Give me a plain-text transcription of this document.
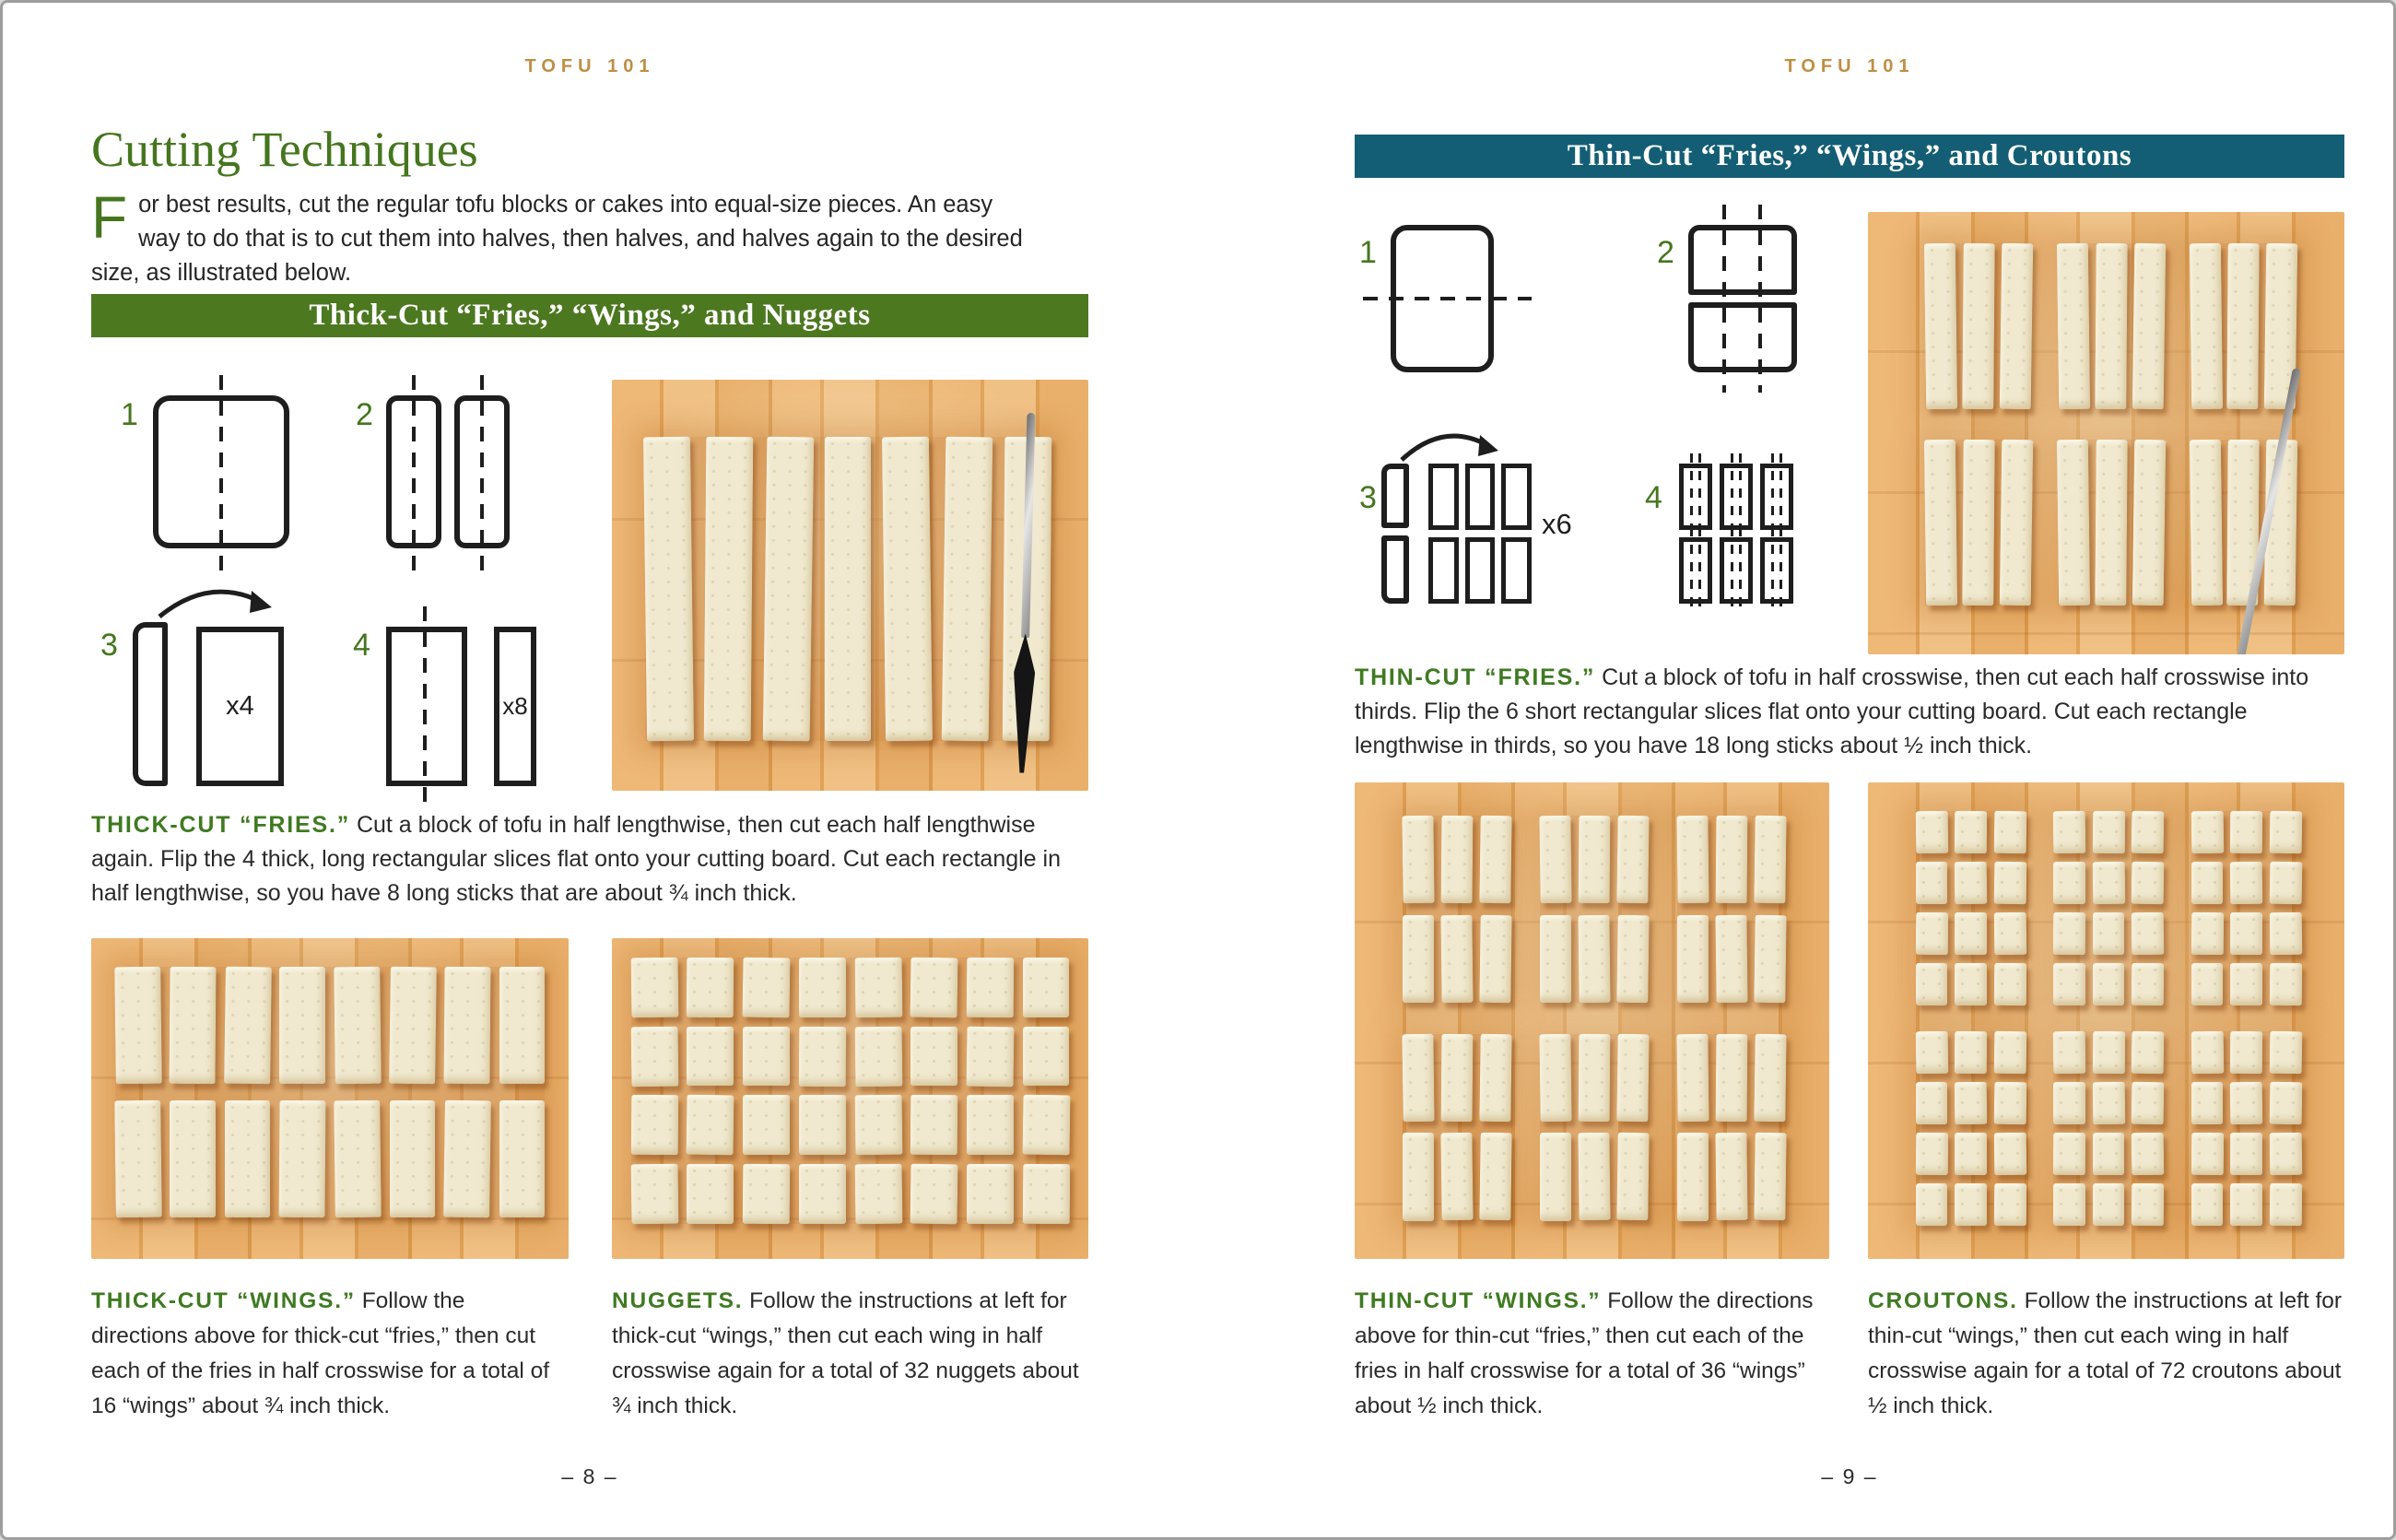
TOFU 101
Cutting Techniques

F or best results, cut the regular tofu blocks or cakes into equal-size pieces. An easy way to do that is to cut them into halves, then halves, and halves again to the desired size, as illustrated below.

Thick-Cut “Fries,” “Wings,” and Nuggets
1	2
3
x4
4
x8

THICK-CUT “FRIES.” Cut a block of tofu in half lengthwise, then cut each half lengthwise again. Flip the 4 thick, long rectangular slices flat onto your cutting board. Cut each rectangle in half lengthwise, so you have 8 long sticks that are about ¾ inch thick.

THICK-CUT “WINGS.” Follow the directions above for thick-cut “fries,” then cut each of the fries in half crosswise for a total of 16 “wings” about ¾ inch thick.

NUGGETS. Follow the instructions at left for thick-cut “wings,” then cut each wing in half crosswise again for a total of 32 nuggets about ¾ inch thick.

– 8 –
TOFU 101
Thin-Cut “Fries,” “Wings,” and Croutons
1	2
3
x6
4

THIN-CUT “FRIES.” Cut a block of tofu in half crosswise, then cut each half crosswise into thirds. Flip the 6 short rectangular slices flat onto your cutting board. Cut each rectangle lengthwise in thirds, so you have 18 long sticks about ½ inch thick.

THIN-CUT “WINGS.” Follow the directions above for thin-cut “fries,” then cut each of the fries in half crosswise for a total of 36 “wings” about ½ inch thick.

CROUTONS. Follow the instructions at left for thin-cut “wings,” then cut each wing in half crosswise again for a total of 72 croutons about ½ inch thick.

– 9 –
